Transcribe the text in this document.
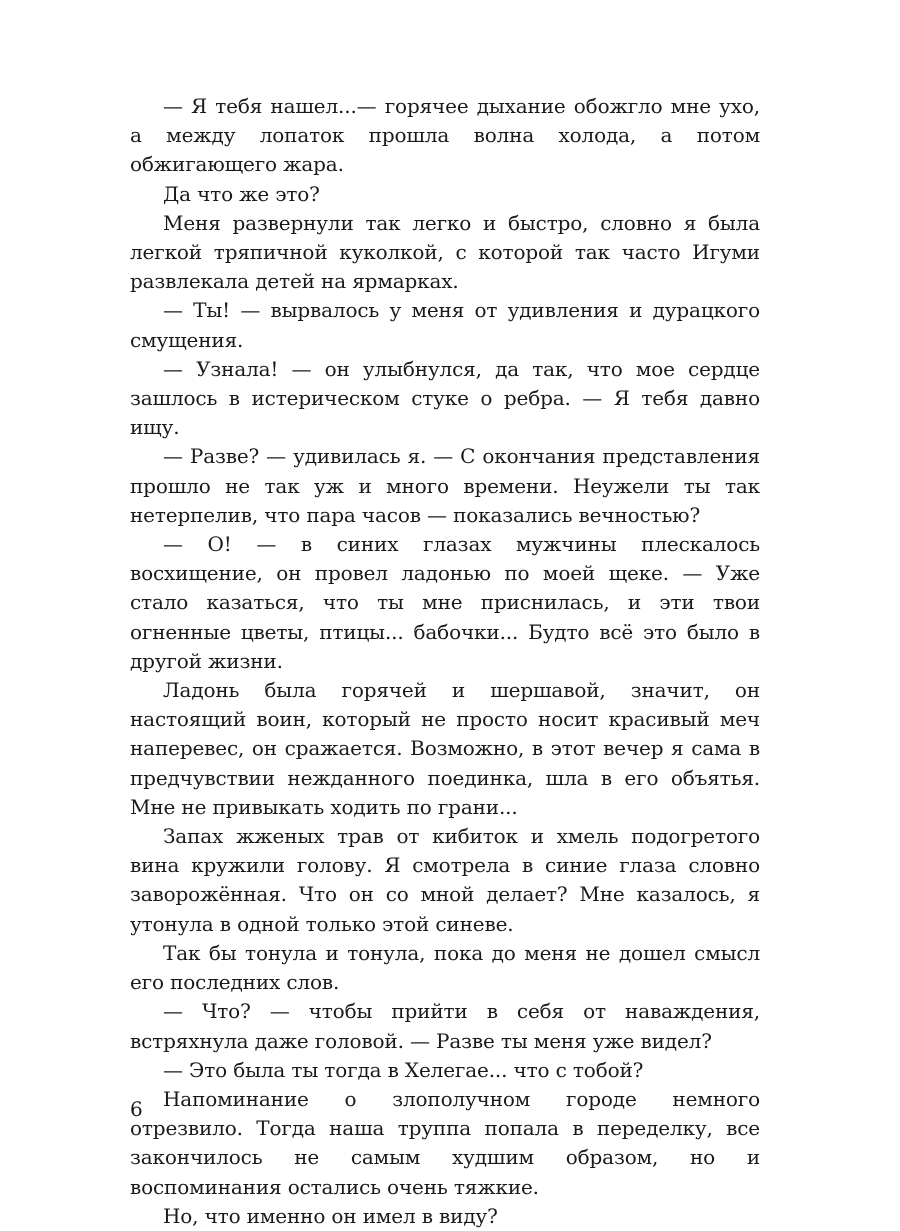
— Я тебя нашел...— горячее дыхание обожгло мне ухо, а между лопаток прошла волна холода, а потом обжигающего жара.

Да что же это?

Меня развернули так легко и быстро, словно я была легкой тряпичной куколкой, с которой так часто Игуми развлекала детей на ярмарках.

— Ты! — вырвалось у меня от удивления и дурацкого смущения.

— Узнала! — он улыбнулся, да так, что мое сердце зашлось в истерическом стуке о ребра. — Я тебя давно ищу.

— Разве? — удивилась я. — С окончания представления прошло не так уж и много времени. Неужели ты так нетерпелив, что пара часов — показались вечностью?

— О! — в синих глазах мужчины плескалось восхищение, он провел ладонью по моей щеке. — Уже стало казаться, что ты мне приснилась, и эти твои огненные цветы, птицы... бабочки... Будто всё это было в другой жизни.

Ладонь была горячей и шершавой, значит, он настоящий воин, который не просто носит красивый меч наперевес, он сражается. Возможно, в этот вечер я сама в предчувствии нежданного поединка, шла в его объятья. Мне не привыкать ходить по грани...

Запах жженых трав от кибиток и хмель подогретого вина кружили голову. Я смотрела в синие глаза словно заворожённая. Что он со мной делает? Мне казалось, я утонула в одной только этой синеве.

Так бы тонула и тонула, пока до меня не дошел смысл его последних слов.

— Что? — чтобы прийти в себя от наваждения, встряхнула даже головой. — Разве ты меня уже видел?

— Это была ты тогда в Хелегае... что с тобой?

Напоминание о злополучном городе немного отрезвило. Тогда наша труппа попала в переделку, все закончилось не самым худшим образом, но и воспоминания остались очень тяжкие.

Но, что именно он имел в виду?

6
